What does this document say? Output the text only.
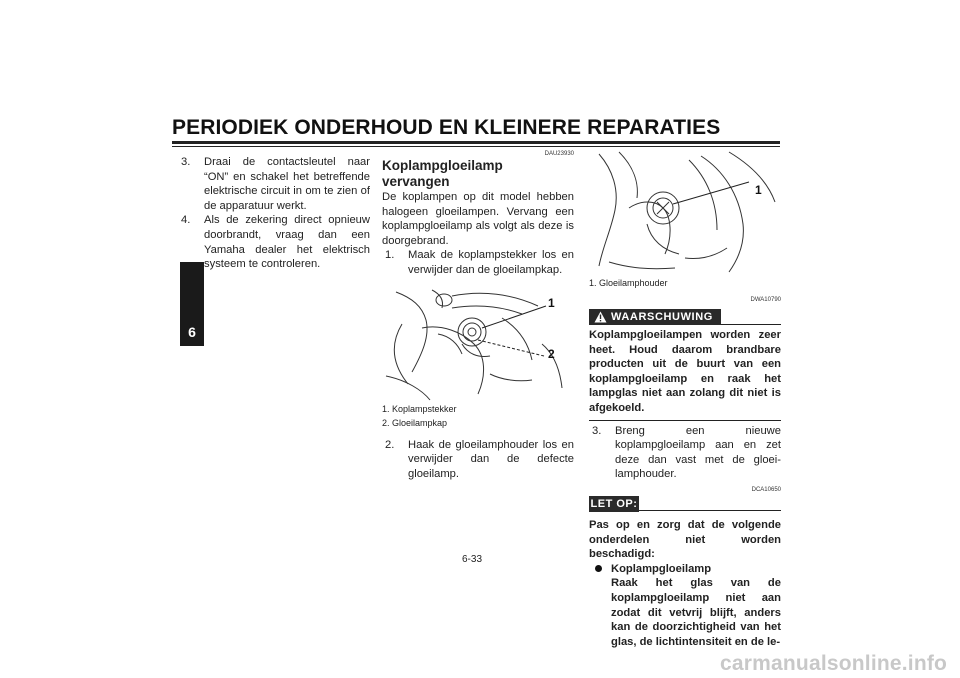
PERIODIEK ONDERHOUD EN KLEINERE REPARATIES
6

3. Draai de contactsleutel naar “ON” en schakel het betreffende elektrische circuit in om te zien of de apparatuur werkt.

4. Als de zekering direct opnieuw doorbrandt, vraag dan een Yamaha dealer het elektrisch systeem te controleren.

DAU23930
Koplampgloeilamp vervangen

De koplampen op dit model hebben halogeen gloeilampen. Vervang een koplampgloeilamp als volgt als deze is doorgebrand.

1. Maak de koplampstekker los en verwijder dan de gloeilampkap.

1
2
1. Koplampstekker
2. Gloeilampkap

2. Haak de gloeilamphouder los en verwijder dan de defecte gloeilamp.

1
1. Gloeilamphouder
DWA10790
WAARSCHUWING

Koplampgloeilampen worden zeer heet. Houd daarom brandbare producten uit de buurt van een koplampgloeilamp en raak het lampglas niet aan zolang dit niet is afgekoeld.

3. Breng een nieuwe koplampgloeilamp aan en zet deze dan vast met de gloeilamphouder.

DCA10650
LET OP:

Pas op en zorg dat de volgende onderdelen niet worden beschadigd:

Koplampgloeilamp
Raak het glas van de koplampgloeilamp niet aan zodat dit vetvrij blijft, anders kan de doorzichtigheid van het glas, de lichtintensiteit en de le-

6-33
carmanualsonline.info
